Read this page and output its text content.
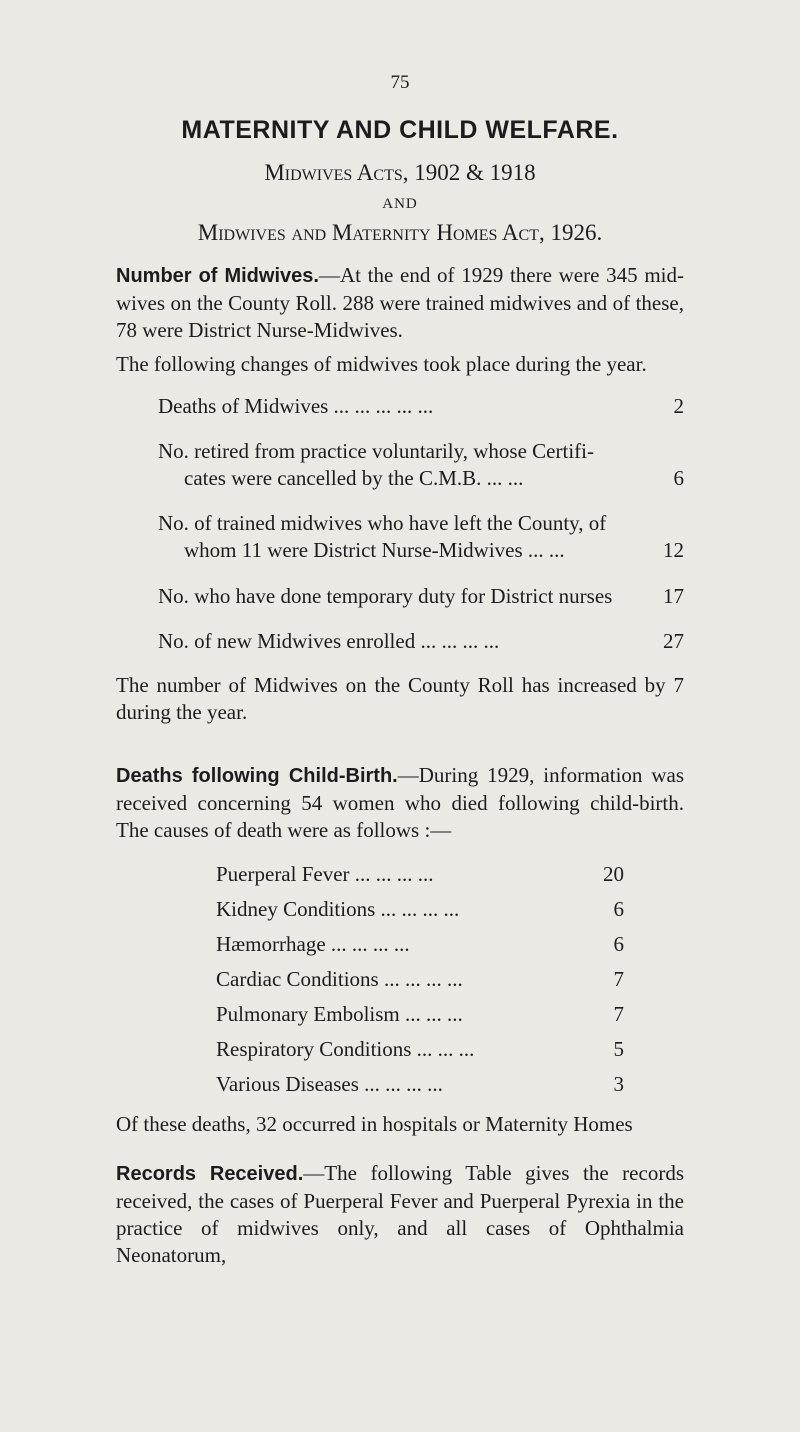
75
MATERNITY AND CHILD WELFARE.
Midwives Acts, 1902 & 1918
AND
Midwives and Maternity Homes Act, 1926.

Number of Midwives.—At the end of 1929 there were 345 mid-wives on the County Roll. 288 were trained midwives and of these, 78 were District Nurse-Midwives.

The following changes of midwives took place during the year.

Deaths of Midwives ... ... ... ... ...	2
No. retired from practice voluntarily, whose Certifi-cates were cancelled by the C.M.B. ... ...	6
No. of trained midwives who have left the County, of whom 11 were District Nurse-Midwives ... ...	12
No. who have done temporary duty for District nurses	17
No. of new Midwives enrolled ... ... ... ...	27

The number of Midwives on the County Roll has increased by 7 during the year.

Deaths following Child-Birth.—During 1929, information was received concerning 54 women who died following child-birth. The causes of death were as follows :—

Puerperal Fever ... ... ... ...	20
Kidney Conditions ... ... ... ...	6
Hæmorrhage ... ... ... ...	6
Cardiac Conditions ... ... ... ...	7
Pulmonary Embolism ... ... ...	7
Respiratory Conditions ... ... ...	5
Various Diseases ... ... ... ...	3

Of these deaths, 32 occurred in hospitals or Maternity Homes

Records Received.—The following Table gives the records received, the cases of Puerperal Fever and Puerperal Pyrexia in the practice of midwives only, and all cases of Ophthalmia Neonatorum,
